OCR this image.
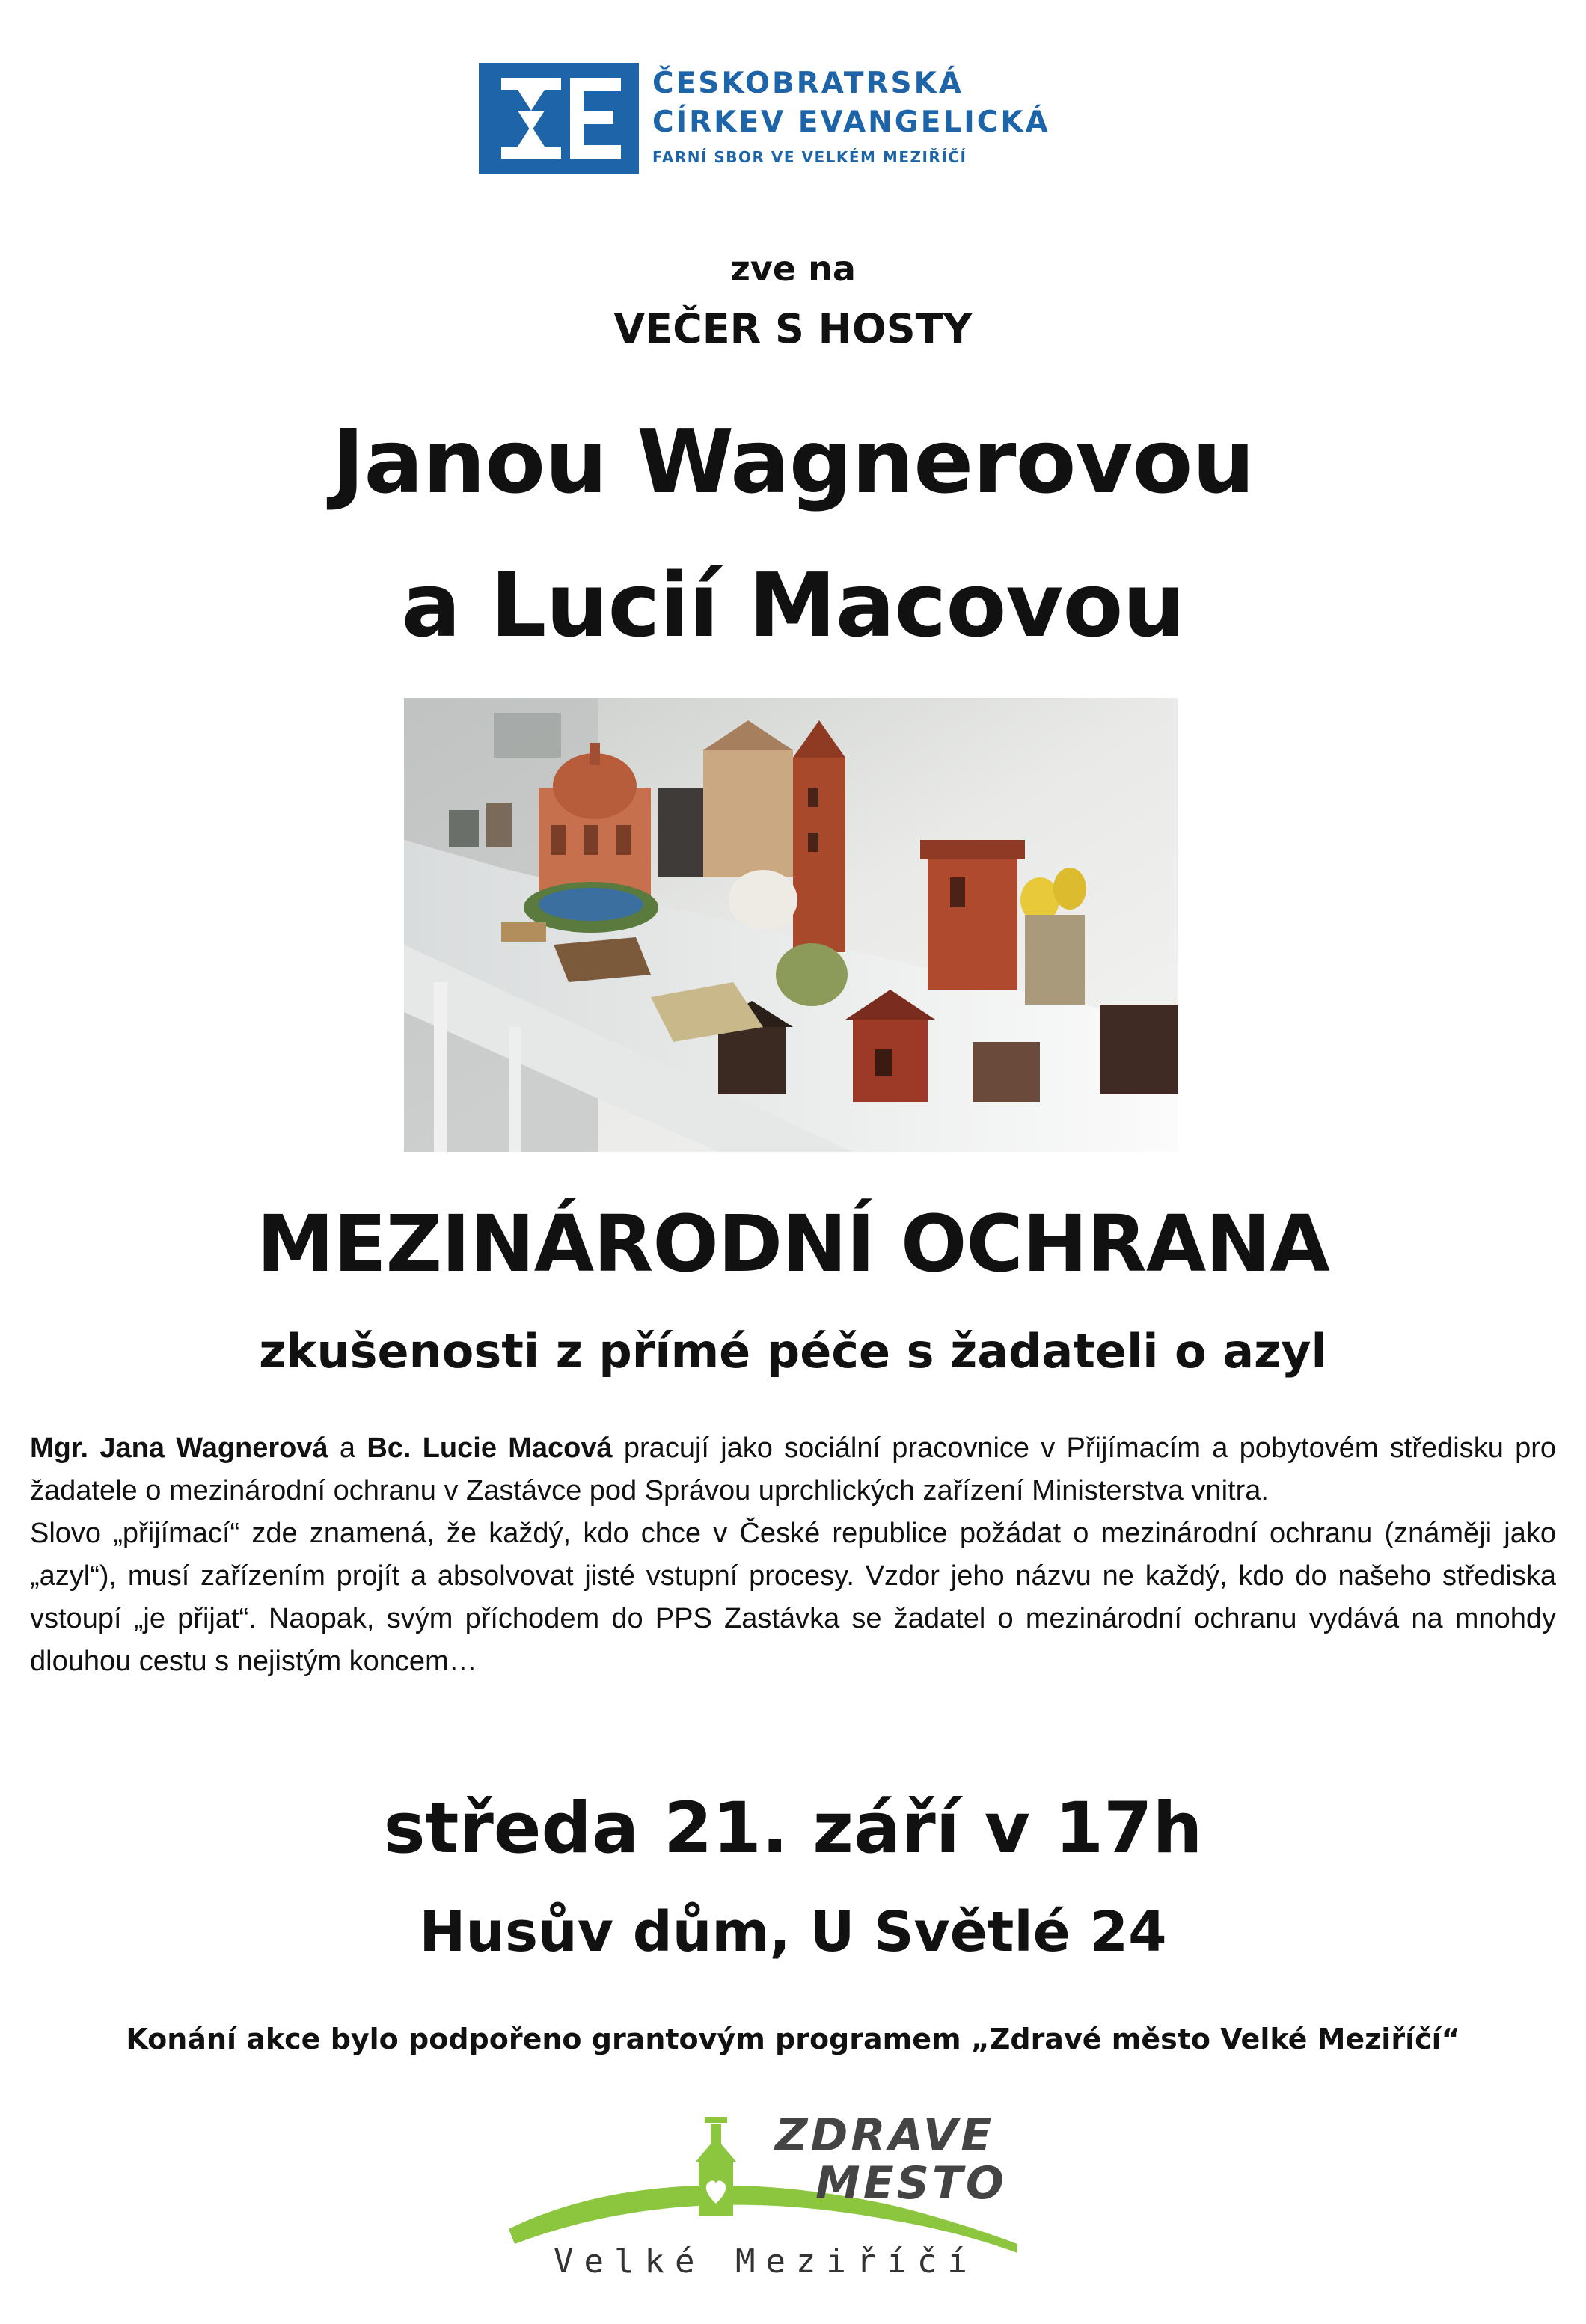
ČESKOBRATRSKÁ
CÍRKEV EVANGELICKÁ
FARNÍ SBOR VE VELKÉM MEZIŘÍČÍ
zve na
VEČER S HOSTY
Janou Wagnerovou
a Lucií Macovou
MEZINÁRODNÍ OCHRANA
zkušenosti z přímé péče s žadateli o azyl

Mgr. Jana Wagnerová a Bc. Lucie Macová pracují jako sociální pracovnice v Přijímacím a pobytovém středisku pro žadatele o mezinárodní ochranu v Zastávce pod Správou uprchlických zařízení Ministerstva vnitra.

Slovo „přijímací“ zde znamená, že každý, kdo chce v České republice požádat o mezinárodní ochranu (známěji jako „azyl“), musí zařízením projít a absolvovat jisté vstupní procesy. Vzdor jeho názvu ne každý, kdo do našeho střediska vstoupí „je přijat“. Naopak, svým příchodem do PPS Zastávka se žadatel o mezinárodní ochranu vydává na mnohdy dlouhou cestu s nejistým koncem…

středa 21. září v 17h
Husův dům, U Světlé 24
Konání akce bylo podpořeno grantovým programem „Zdravé město Velké Meziříčí“
ZDRAVE
MESTO
Velké Meziříčí
